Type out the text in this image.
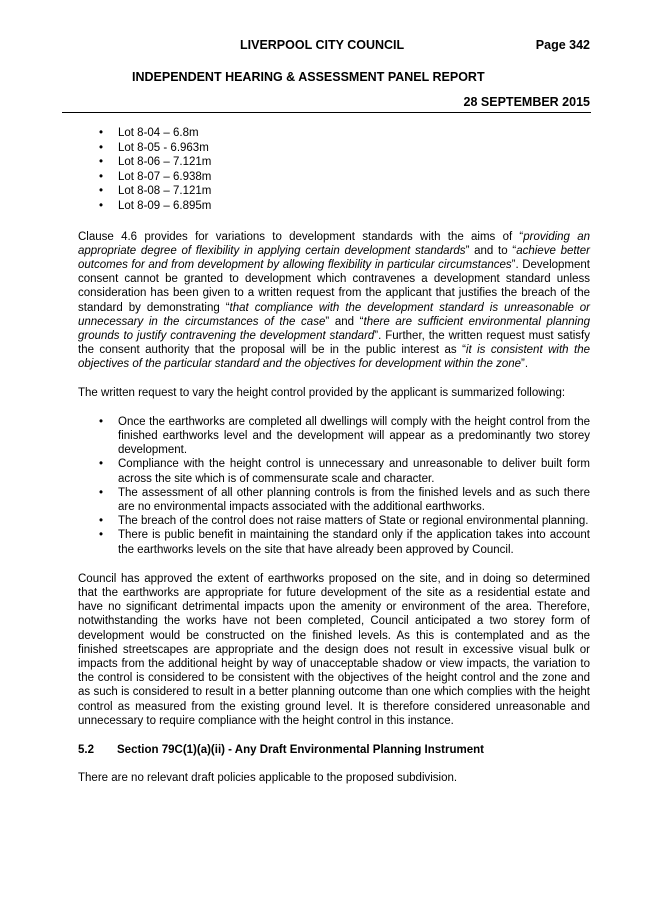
LIVERPOOL CITY COUNCIL	Page 342
INDEPENDENT HEARING & ASSESSMENT PANEL REPORT
28 SEPTEMBER 2015
• Lot 8-04 – 6.8m
• Lot 8-05 - 6.963m
• Lot 8-06 – 7.121m
• Lot 8-07 – 6.938m
• Lot 8-08 – 7.121m
• Lot 8-09 – 6.895m

Clause 4.6 provides for variations to development standards with the aims of “providing an appropriate degree of flexibility in applying certain development standards” and to “achieve better outcomes for and from development by allowing flexibility in particular circumstances”. Development consent cannot be granted to development which contravenes a development standard unless consideration has been given to a written request from the applicant that justifies the breach of the standard by demonstrating “that compliance with the development standard is unreasonable or unnecessary in the circumstances of the case” and “there are sufficient environmental planning grounds to justify contravening the development standard”. Further, the written request must satisfy the consent authority that the proposal will be in the public interest as “it is consistent with the objectives of the particular standard and the objectives for development within the zone”.

The written request to vary the height control provided by the applicant is summarized following:

• Once the earthworks are completed all dwellings will comply with the height control from the finished earthworks level and the development will appear as a predominantly two storey development.
• Compliance with the height control is unnecessary and unreasonable to deliver built form across the site which is of commensurate scale and character.
• The assessment of all other planning controls is from the finished levels and as such there are no environmental impacts associated with the additional earthworks.
• The breach of the control does not raise matters of State or regional environmental planning.
• There is public benefit in maintaining the standard only if the application takes into account the earthworks levels on the site that have already been approved by Council.

Council has approved the extent of earthworks proposed on the site, and in doing so determined that the earthworks are appropriate for future development of the site as a residential estate and have no significant detrimental impacts upon the amenity or environment of the area. Therefore, notwithstanding the works have not been completed, Council anticipated a two storey form of development would be constructed on the finished levels. As this is contemplated and as the finished streetscapes are appropriate and the design does not result in excessive visual bulk or impacts from the additional height by way of unacceptable shadow or view impacts, the variation to the control is considered to be consistent with the objectives of the height control and the zone and as such is considered to result in a better planning outcome than one which complies with the height control as measured from the existing ground level. It is therefore considered unreasonable and unnecessary to require compliance with the height control in this instance.

5.2	Section 79C(1)(a)(ii) - Any Draft Environmental Planning Instrument

There are no relevant draft policies applicable to the proposed subdivision.
